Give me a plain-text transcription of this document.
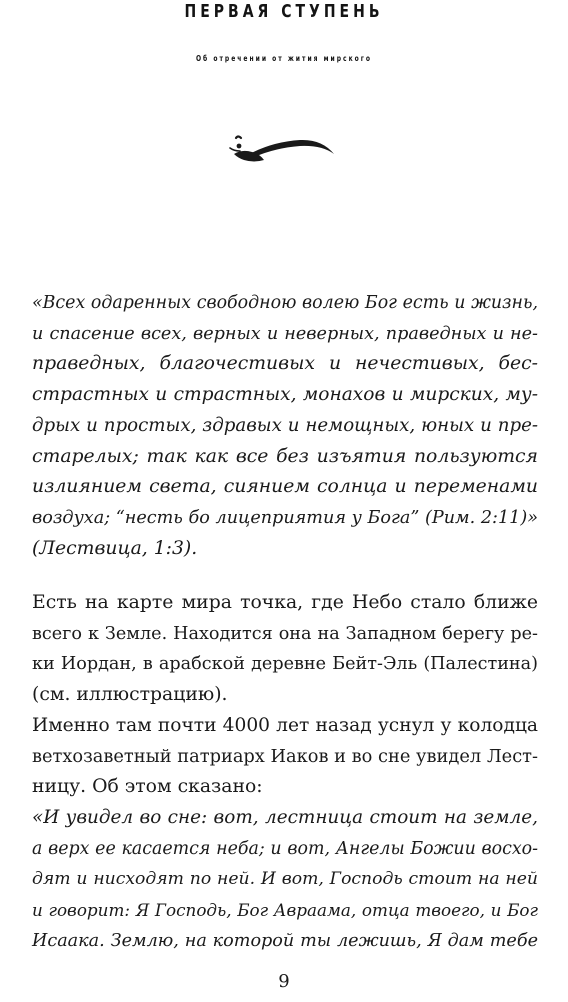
ПЕРВАЯ СТУПЕНЬ
Об отречении от жития мирского
«Всех одаренных свободною волею Бог есть и жизнь,
и спасение всех, верных и неверных, праведных и не-
праведных, благочестивых и нечестивых, бес-
страстных и страстных, монахов и мирских, му-
дрых и простых, здравых и немощных, юных и пре-
старелых; так как все без изъятия пользуются
излиянием света, сиянием солнца и переменами
воздуха; “несть бо лицеприятия у Бога” (Рим. 2:11)»
(Лествица, 1:3).
Есть на карте мира точка, где Небо стало ближе
всего к Земле. Находится она на Западном берегу ре-
ки Иордан, в арабской деревне Бейт-Эль (Палестина)
(см. иллюстрацию).
Именно там почти 4000 лет назад уснул у колодца
ветхозаветный патриарх Иаков и во сне увидел Лест-
ницу. Об этом сказано:
«И увидел во сне: вот, лестница стоит на земле,
а верх ее касается неба; и вот, Ангелы Божии восхо-
дят и нисходят по ней. И вот, Господь стоит на ней
и говорит: Я Господь, Бог Авраама, отца твоего, и Бог
Исаака. Землю, на которой ты лежишь, Я дам тебе
9
